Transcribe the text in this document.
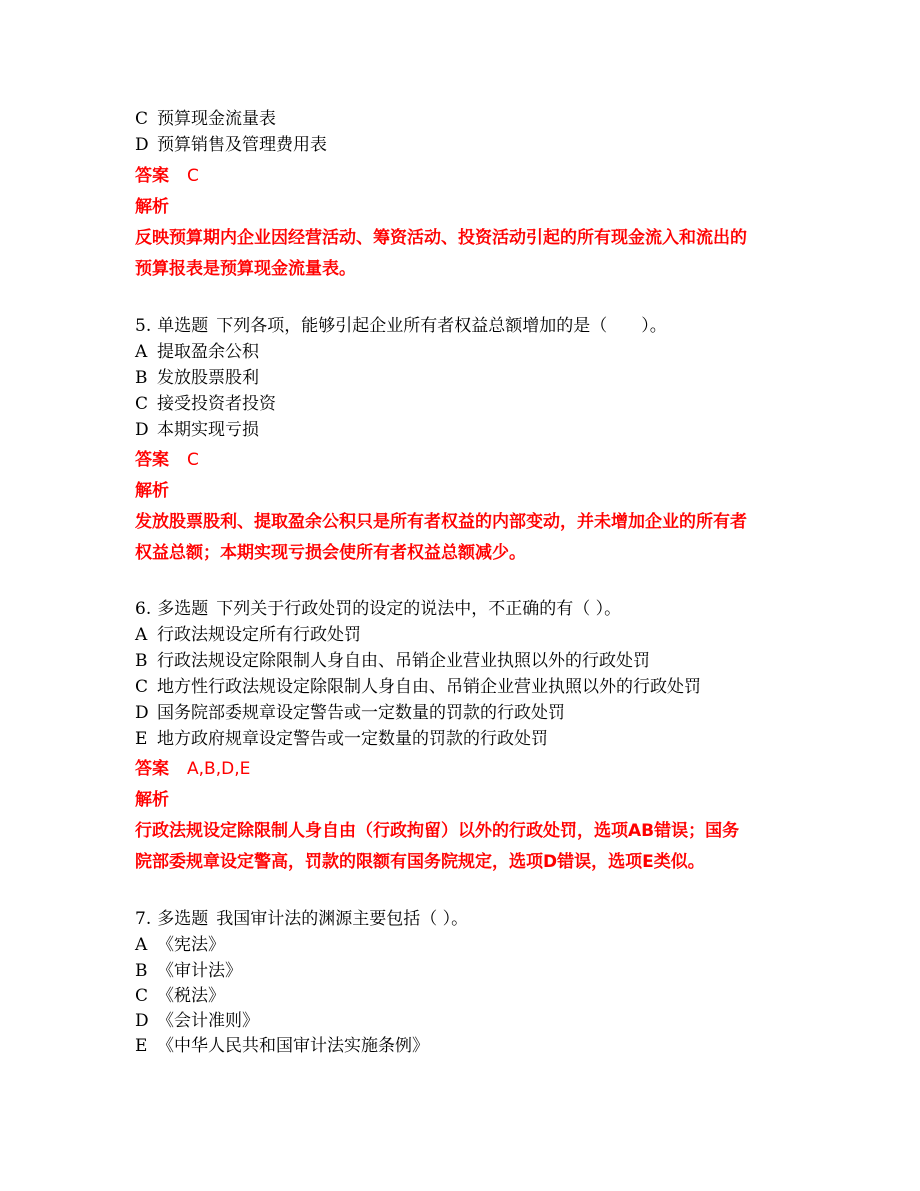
C 预算现金流量表
D 预算销售及管理费用表
答案 C
解析
反映预算期内企业因经营活动、筹资活动、投资活动引起的所有现金流入和流出的
预算报表是预算现金流量表。
5. 单选题 下列各项，能够引起企业所有者权益总额增加的是（　　）。
A 提取盈余公积
B 发放股票股利
C 接受投资者投资
D 本期实现亏损
答案 C
解析
发放股票股利、提取盈余公积只是所有者权益的内部变动，并未增加企业的所有者
权益总额；本期实现亏损会使所有者权益总额减少。
6. 多选题 下列关于行政处罚的设定的说法中，不正确的有（ ）。
A 行政法规设定所有行政处罚
B 行政法规设定除限制人身自由、吊销企业营业执照以外的行政处罚
C 地方性行政法规设定除限制人身自由、吊销企业营业执照以外的行政处罚
D 国务院部委规章设定警告或一定数量的罚款的行政处罚
E 地方政府规章设定警告或一定数量的罚款的行政处罚
答案 A,B,D,E
解析
行政法规设定除限制人身自由（行政拘留）以外的行政处罚，选项AB错误；国务
院部委规章设定警高，罚款的限额有国务院规定，选项D错误，选项E类似。
7. 多选题 我国审计法的渊源主要包括（ ）。
A 《宪法》
B 《审计法》
C 《税法》
D 《会计准则》
E 《中华人民共和国审计法实施条例》
